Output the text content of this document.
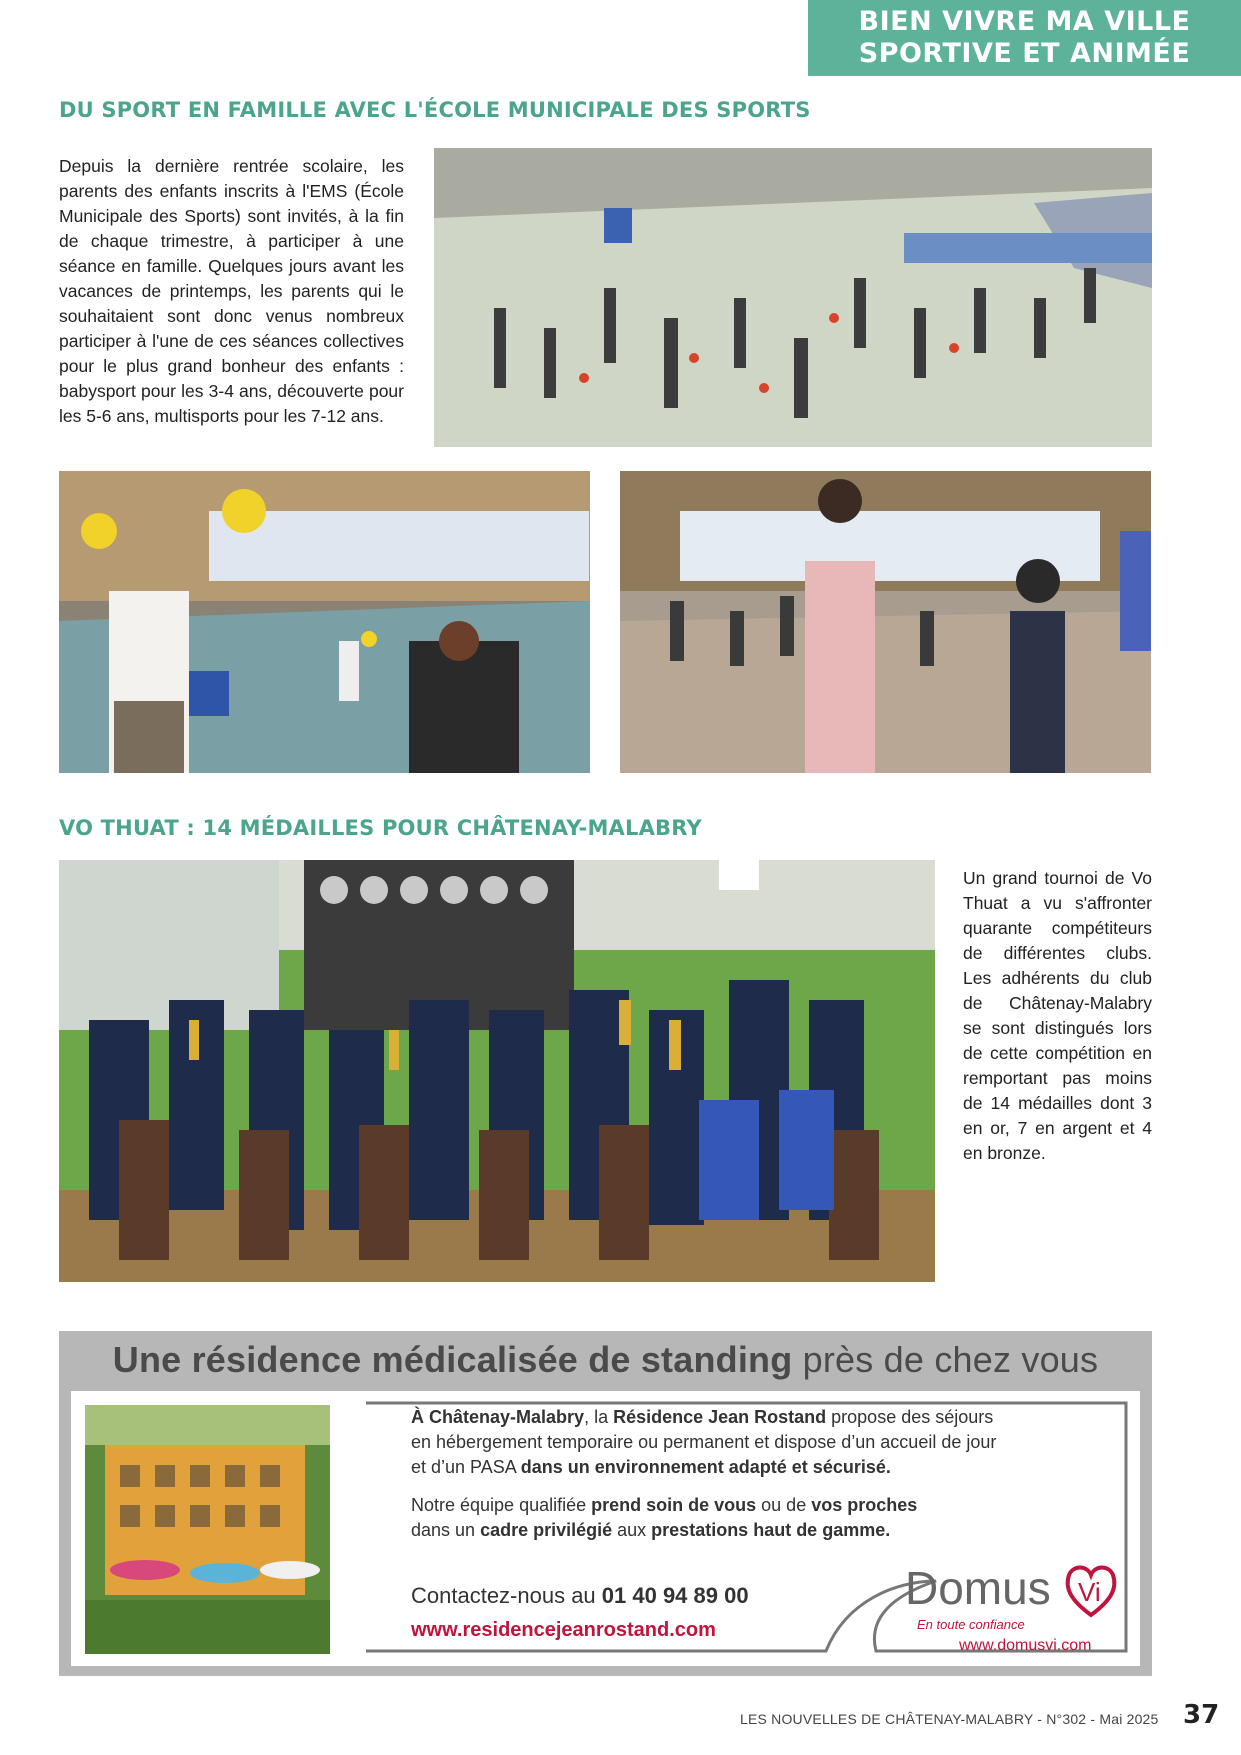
BIEN VIVRE MA VILLE
SPORTIVE ET ANIMÉE
DU SPORT EN FAMILLE AVEC L'ÉCOLE MUNICIPALE DES SPORTS
Depuis la dernière rentrée scolaire, les parents des enfants inscrits à l'EMS (École Municipale des Sports) sont invités, à la fin de chaque trimestre, à participer à une séance en famille. Quelques jours avant les vacances de printemps, les parents qui le souhaitaient sont donc venus nombreux participer à l'une de ces séances collectives pour le plus grand bonheur des enfants : babysport pour les 3-4 ans, découverte pour les 5-6 ans, multisports pour les 7-12 ans.
VO THUAT : 14 MÉDAILLES POUR CHÂTENAY-MALABRY
Un grand tournoi de Vo Thuat a vu s'affronter quarante compétiteurs de différentes clubs. Les adhérents du club de Châtenay-Malabry se sont distingués lors de cette compétition en remportant pas moins de 14 médailles dont 3 en or, 7 en argent et 4 en bronze.
Une résidence médicalisée de standing près de chez vous
À Châtenay-Malabry, la Résidence Jean Rostand propose des séjours
en hébergement temporaire ou permanent et dispose d’un accueil de jour
et d’un PASA dans un environnement adapté et sécurisé.
Notre équipe qualifiée prend soin de vous ou de vos proches
dans un cadre privilégié aux prestations haut de gamme.
Contactez-nous au 01 40 94 89 00
www.residencejeanrostand.com
Domus Vi
En toute confiance
www.domusvi.com
LES NOUVELLES DE CHÂTENAY-MALABRY - N°302 - Mai 2025 37
